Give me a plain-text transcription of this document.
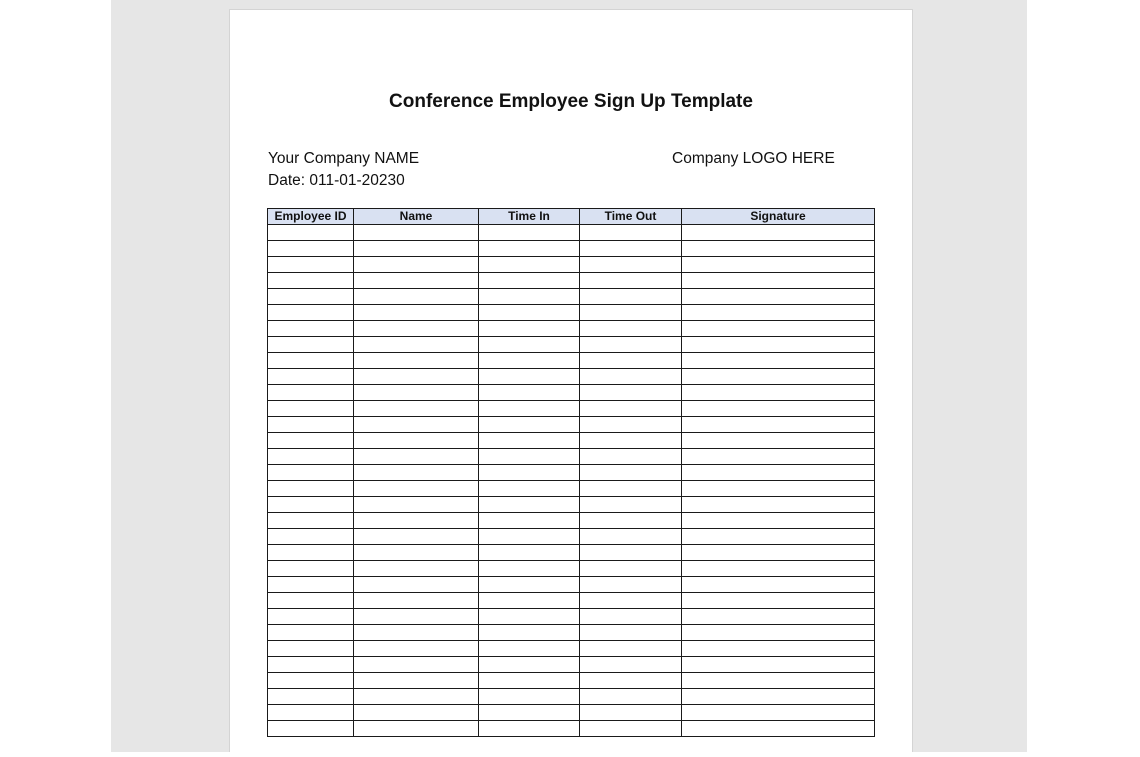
Conference Employee Sign Up Template
Your Company NAME
Date: 011-01-20230
Company LOGO HERE
Employee ID	Name	Time In	Time Out	Signature
